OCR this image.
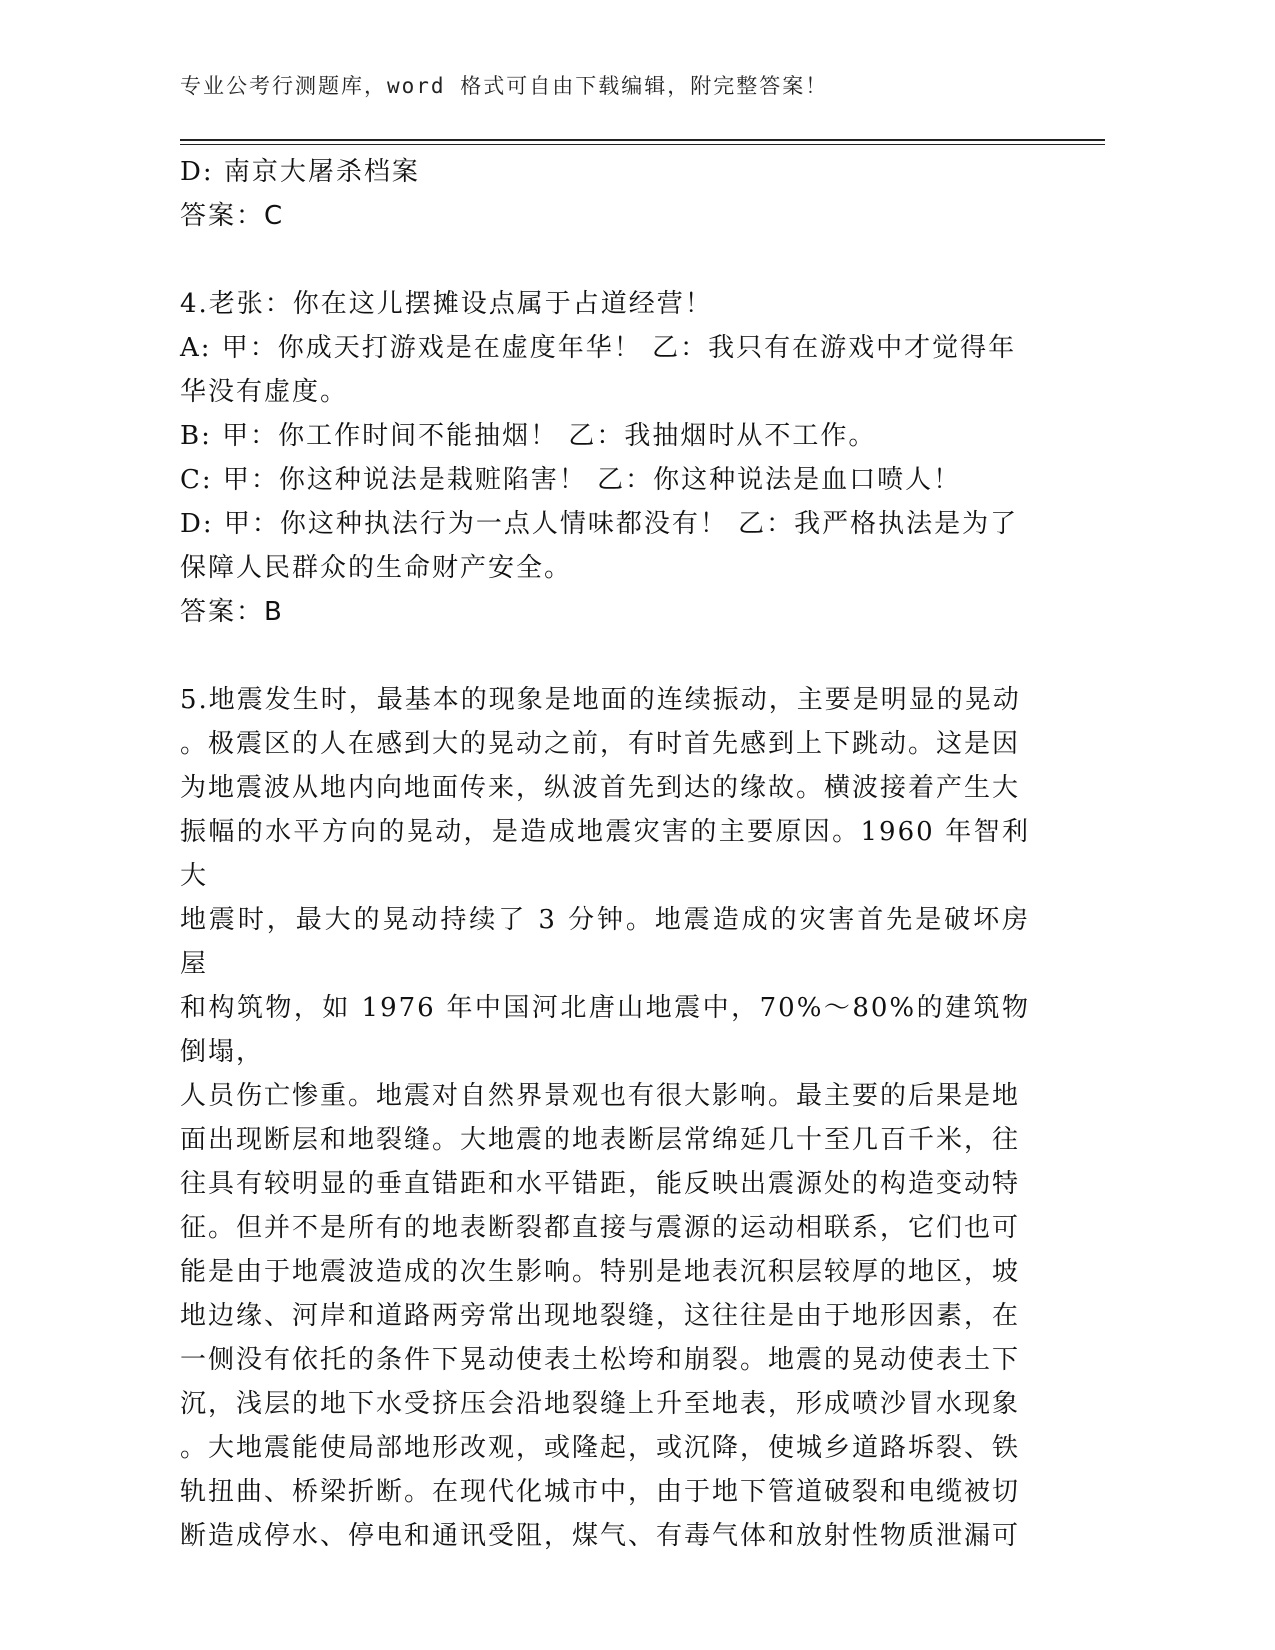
专业公考行测题库，word 格式可自由下载编辑，附完整答案！
D: 南京大屠杀档案
答案：C
4.老张：你在这儿摆摊设点属于占道经营！
A: 甲：你成天打游戏是在虚度年华！ 乙：我只有在游戏中才觉得年
华没有虚度。
B: 甲：你工作时间不能抽烟！ 乙：我抽烟时从不工作。
C: 甲：你这种说法是栽赃陷害！ 乙：你这种说法是血口喷人！
D: 甲：你这种执法行为一点人情味都没有！ 乙：我严格执法是为了
保障人民群众的生命财产安全。
答案：B
5.地震发生时，最基本的现象是地面的连续振动，主要是明显的晃动
。极震区的人在感到大的晃动之前，有时首先感到上下跳动。这是因
为地震波从地内向地面传来，纵波首先到达的缘故。横波接着产生大
振幅的水平方向的晃动，是造成地震灾害的主要原因。1960 年智利大
地震时，最大的晃动持续了 3 分钟。地震造成的灾害首先是破坏房屋
和构筑物，如 1976 年中国河北唐山地震中，70%～80%的建筑物倒塌，
人员伤亡惨重。地震对自然界景观也有很大影响。最主要的后果是地
面出现断层和地裂缝。大地震的地表断层常绵延几十至几百千米，往
往具有较明显的垂直错距和水平错距，能反映出震源处的构造变动特
征。但并不是所有的地表断裂都直接与震源的运动相联系，它们也可
能是由于地震波造成的次生影响。特别是地表沉积层较厚的地区，坡
地边缘、河岸和道路两旁常出现地裂缝，这往往是由于地形因素，在
一侧没有依托的条件下晃动使表土松垮和崩裂。地震的晃动使表土下
沉，浅层的地下水受挤压会沿地裂缝上升至地表，形成喷沙冒水现象
。大地震能使局部地形改观，或隆起，或沉降，使城乡道路坼裂、铁
轨扭曲、桥梁折断。在现代化城市中，由于地下管道破裂和电缆被切
断造成停水、停电和通讯受阻，煤气、有毒气体和放射性物质泄漏可
